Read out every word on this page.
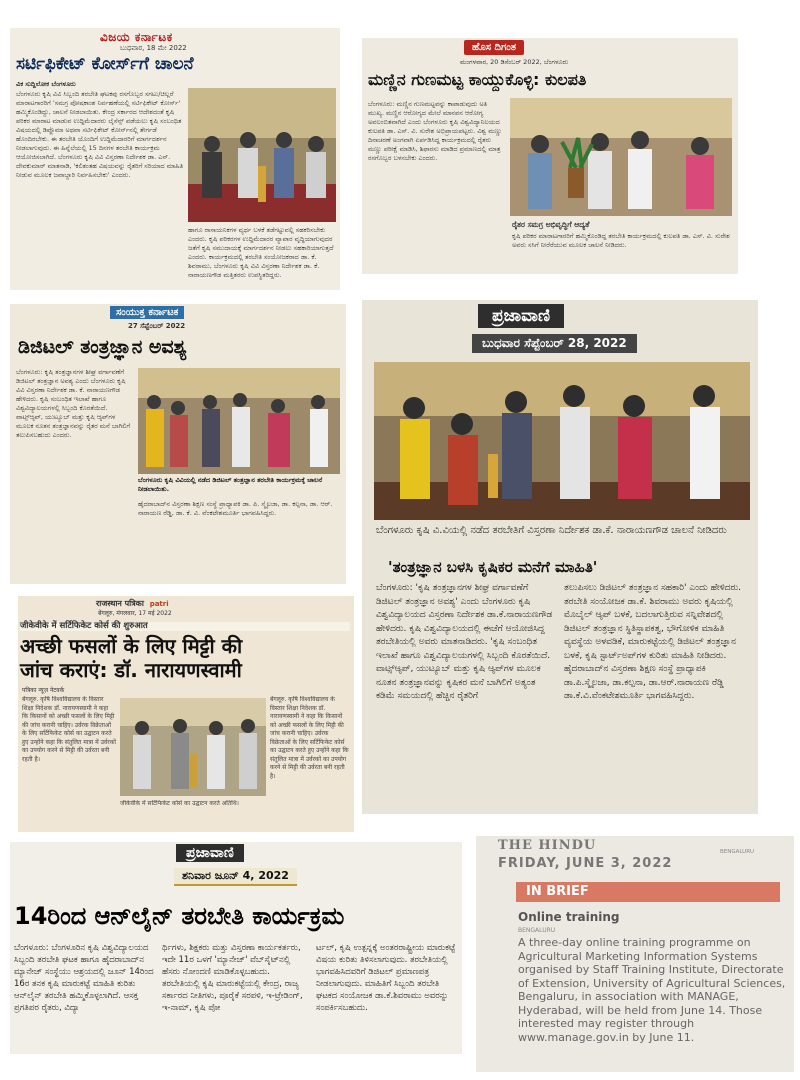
ವಿಜಯ ಕರ್ನಾಟಕ
ಬುಧವಾರ, 18 ಮೇ 2022
ಸರ್ಟಿಫಿಕೇಟ್ ಕೋರ್ಸ್‌ಗೆ ಚಾಲನೆ
ವಿಕ ಸುದ್ದಿಲೋಕ ಬೆಂಗಳೂರು
ಬೆಂಗಳೂರು ಕೃಷಿ ವಿವಿ ಸಿಬ್ಬಂದಿ ತರಬೇತಿ ಘಟಕವು ರಸಗೊಬ್ಬರ ಸಗಟು/ಚಿಲ್ಲರೆ ಮಾರಾಟಗಾರರಿಗೆ 'ಸಮಗ್ರ ಪೋಷಕಾಂಶ ನಿರ್ವಹಣೆಯಲ್ಲಿ ಸರ್ಟಿಫಿಕೇಟ್ ಕೋರ್ಸ್' ಹಮ್ಮಿಕೊಂಡಿದ್ದು, ಚಾಲನೆ ನೀಡಲಾಯಿತು. ಕೇಂದ್ರ ಸರ್ಕಾರದ ಆದೇಶದಂತೆ ಕೃಷಿ ಪರಿಕರ ಮಾರಾಟ ಮಾಡುವ ಉದ್ದಿಮೆದಾರರು ಲೈಸೆನ್ಸ್ ಪಡೆಯಲು ಕೃಷಿ ಸಂಬಂಧಿತ ವಿಷಯದಲ್ಲಿ ಡಿಪ್ಲೊಮಾ ಅಥವಾ ಸರ್ಟಿಫಿಕೇಟ್ ಕೋರ್ಸ್‌ನಲ್ಲಿ ತೇರ್ಗಡೆ ಹೊಂದಿರಬೇಕು. ಈ ತರಬೇತಿ ಯೊಂದಿಗೆ ಉದ್ದಿಮೆದಾರರಿಗೆ ಮಾರ್ಗದರ್ಶನ ನೀಡಲಾಗುವುದು. ಈ ಹಿನ್ನೆಲೆಯಲ್ಲಿ 15 ದಿನಗಳ ತರಬೇತಿ ಕಾರ್ಯಕ್ರಮ ಆಯೋಜಿಸಲಾಗಿದೆ. ಬೆಂಗಳೂರು ಕೃಷಿ ವಿವಿ ವಿಸ್ತರಣಾ ನಿರ್ದೇಶಕ ಡಾ. ಎನ್. ದೇವಕುಮಾರ್ ಮಾತನಾಡಿ, 'ಕಲಿತಂತಹ ವಿಷಯವನ್ನು ರೈತರಿಗೆ ಸರಿಯಾದ ಮಾಹಿತಿ ನೀಡುವ ಮೂಲಕ ಜವಾಬ್ದಾರಿ ನಿರ್ವಹಿಸಬೇಕು' ಎಂದರು.
ಹಾಗೂ ರಾಸಾಯನಿಕಗಳ ವ್ಯರ್ಥ ಬಳಕೆ ತಡೆಗಟ್ಟುವಲ್ಲಿ ಸಹಕರಿಸಬೇಕು ಎಂದರು. ಕೃಷಿ ಪರಿಕರಗಳ ಉದ್ದಿಮೆದಾರರ ವ್ಯಾಪಾರ ವೃದ್ಧಿಯಾಗುವುದರ ಜತೆಗೆ ಕೃಷಿ ಸಮುದಾಯಕ್ಕೆ ಮಾರ್ಗದರ್ಶನ ನೀಡಲು ಸಹಕಾರಿಯಾಗುತ್ತದೆ ಎಂದರು. ಕಾರ್ಯಕ್ರಮದಲ್ಲಿ ತರಬೇತಿ ಸಂಯೋಜಕರಾದ ಡಾ. ಕೆ. ಶಿವರಾಮು, ಬೆಂಗಳೂರು ಕೃಷಿ ವಿವಿ ವಿಸ್ತರಣಾ ನಿರ್ದೇಶಕ ಡಾ. ಕೆ. ನಾರಾಯಣಗೌಡ ಮತ್ತಿತರರು ಉಪಸ್ಥಿತರಿದ್ದರು.
ಹೊಸ ದಿಗಂತ
ಮಂಗಳವಾರ, 20 ಡಿಸೆಂಬರ್ 2022, ಬೆಂಗಳೂರು
ಮಣ್ಣಿನ ಗುಣಮಟ್ಟ ಕಾಯ್ದುಕೊಳ್ಳಿ: ಕುಲಪತಿ
ಬೆಂಗಳೂರು: ಮಣ್ಣಿನ ಗುಣಮಟ್ಟವನ್ನು ಕಾಪಾಡುವುದು ಅತಿ ಮುಖ್ಯ. ಮಣ್ಣಿನ ಆರೋಗ್ಯದ ಮೇಲೆ ಮಾನವನ ಆರೋಗ್ಯ ಅವಲಂಬಿತವಾಗಿದೆ ಎಂದು ಬೆಂಗಳೂರು ಕೃಷಿ ವಿಶ್ವವಿದ್ಯಾನಿಲಯದ ಕುಲಪತಿ ಡಾ. ಎಸ್. ವಿ. ಸುರೇಶ ಅಭಿಪ್ರಾಯಪಟ್ಟರು. ವಿಶ್ವ ಮಣ್ಣು ದಿನಾಚರಣೆ ಅಂಗವಾಗಿ ಏರ್ಪಡಿಸಿದ್ದ ಕಾರ್ಯಕ್ರಮದಲ್ಲಿ ರೈತರು ಮಣ್ಣು ಪರೀಕ್ಷೆ ಮಾಡಿಸಿ, ಶಿಫಾರಸು ಮಾಡಿದ ಪ್ರಮಾಣದಲ್ಲಿ ಮಾತ್ರ ರಸಗೊಬ್ಬರ ಬಳಸಬೇಕು ಎಂದರು.
ರೈತರ ಸಮಗ್ರ ಅಭಿವೃದ್ಧಿಗೆ ಆದ್ಯತೆ
ಕೃಷಿ ಪರಿಕರ ಮಾರಾಟಗಾರರಿಗೆ ಹಮ್ಮಿಕೊಂಡಿದ್ದ ತರಬೇತಿ ಕಾರ್ಯಕ್ರಮದಲ್ಲಿ ಕುಲಪತಿ ಡಾ. ಎಸ್. ವಿ. ಸುರೇಶ ಅವರು ಸಸಿಗೆ ನೀರೆರೆಯುವ ಮೂಲಕ ಚಾಲನೆ ನೀಡಿದರು.
ಸಂಯುಕ್ತ ಕರ್ನಾಟಕ
27 ಸೆಪ್ಟೆಂಬರ್ 2022
ಡಿಜಿಟಲ್ ತಂತ್ರಜ್ಞಾನ ಅವಶ್ಯ
ಬೆಂಗಳೂರು: ಕೃಷಿ ತಂತ್ರಜ್ಞಾನಗಳ ಶೀಘ್ರ ವರ್ಗಾವಣೆಗೆ ಡಿಜಿಟಲ್ ತಂತ್ರಜ್ಞಾನ ಅವಶ್ಯ ಎಂದು ಬೆಂಗಳೂರು ಕೃಷಿ ವಿವಿ ವಿಸ್ತರಣಾ ನಿರ್ದೇಶಕ ಡಾ. ಕೆ. ನಾರಾಯಣಗೌಡ ಹೇಳಿದರು. ಕೃಷಿ ಸಂಬಂಧಿತ ಇಲಾಖೆ ಹಾಗೂ ವಿಶ್ವವಿದ್ಯಾಲಯಗಳಲ್ಲಿ ಸಿಬ್ಬಂದಿ ಕೊರತೆಯಿದೆ. ವಾಟ್ಸ್‌ಆ್ಯಪ್, ಯುಟ್ಯೂಬ್ ಮತ್ತು ಕೃಷಿ ಆ್ಯಪ್‌ಗಳ ಮೂಲಕ ನೂತನ ತಂತ್ರಜ್ಞಾನವನ್ನು ರೈತರ ಮನೆ ಬಾಗಿಲಿಗೆ ತಲುಪಿಸಬಹುದು ಎಂದರು.
ಬೆಂಗಳೂರು ಕೃಷಿ ವಿವಿಯಲ್ಲಿ ನಡೆದ ಡಿಜಿಟಲ್ ತಂತ್ರಜ್ಞಾನ ತರಬೇತಿ ಕಾರ್ಯಕ್ರಮಕ್ಕೆ ಚಾಲನೆ ನೀಡಲಾಯಿತು.
ಹೈದರಾಬಾದ್‌ನ ವಿಸ್ತರಣಾ ಶಿಕ್ಷಣ ಸಂಸ್ಥೆ ಪ್ರಾಧ್ಯಾಪಕಿ ಡಾ. ಪಿ. ಸ್ಮೈಲಜಾ, ಡಾ. ಕಲ್ಪನಾ, ಡಾ. ಆರ್. ನಾರಾಯಣ ರೆಡ್ಡಿ, ಡಾ. ಕೆ. ವಿ. ವೆಂಕಟೇಶಮೂರ್ತಿ ಭಾಗವಹಿಸಿದ್ದರು.
ಪ್ರಜಾವಾಣಿ
ಬುಧವಾರ ಸೆಪ್ಟೆಂಬರ್ 28, 2022
ಬೆಂಗಳೂರು ಕೃಷಿ ವಿ.ವಿಯಲ್ಲಿ ನಡೆದ ತರಬೇತಿಗೆ ವಿಸ್ತರಣಾ ನಿರ್ದೇಶಕ ಡಾ.ಕೆ. ನಾರಾಯಣಗೌಡ ಚಾಲನೆ ನೀಡಿದರು
'ತಂತ್ರಜ್ಞಾನ ಬಳಸಿ ಕೃಷಿಕರ ಮನೆಗೆ ಮಾಹಿತಿ'
ಬೆಂಗಳೂರು: 'ಕೃಷಿ ತಂತ್ರಜ್ಞಾನಗಳ ಶೀಘ್ರ ವರ್ಗಾವಣೆಗೆ ಡಿಜಿಟಲ್ ತಂತ್ರಜ್ಞಾನ ಅವಶ್ಯ' ಎಂದು ಬೆಂಗಳೂರು ಕೃಷಿ ವಿಶ್ವವಿದ್ಯಾಲಯದ ವಿಸ್ತರಣಾ ನಿರ್ದೇಶಕ ಡಾ.ಕೆ.ನಾರಾಯಣಗೌಡ ಹೇಳಿದರು. ಕೃಷಿ ವಿಶ್ವವಿದ್ಯಾಲಯದಲ್ಲಿ ಈಚೆಗೆ ಆಯೋಜಿಸಿದ್ದ ತರಬೇತಿಯಲ್ಲಿ ಅವರು ಮಾತನಾಡಿದರು. 'ಕೃಷಿ ಸಂಬಂಧಿತ ಇಲಾಖೆ ಹಾಗೂ ವಿಶ್ವವಿದ್ಯಾಲಯಗಳಲ್ಲಿ ಸಿಬ್ಬಂದಿ ಕೊರತೆಯಿದೆ. ವಾಟ್ಸ್‌ಆ್ಯಪ್, ಯುಟ್ಯೂಬ್ ಮತ್ತು ಕೃಷಿ ಆ್ಯಪ್‌ಗಳ ಮೂಲಕ ನೂತನ ತಂತ್ರಜ್ಞಾನವನ್ನು ಕೃಷಿಕರ ಮನೆ ಬಾಗಿಲಿಗೆ ಅತ್ಯಂತ ಕಡಿಮೆ ಸಮಯದಲ್ಲಿ ಹೆಚ್ಚಿನ ರೈತರಿಗೆ
ತಲುಪಿಸಲು ಡಿಜಿಟಲ್ ತಂತ್ರಜ್ಞಾನ ಸಹಕಾರಿ' ಎಂದು ಹೇಳಿದರು. ತರಬೇತಿ ಸಂಯೋಜಕ ಡಾ.ಕೆ. ಶಿವರಾಮು ಅವರು ಕೃಷಿಯಲ್ಲಿ ಮೊಬೈಲ್ ಆ್ಯಪ್ ಬಳಕೆ, ಬದಲಾಗುತ್ತಿರುವ ಸನ್ನಿವೇಶದಲ್ಲಿ ಡಿಜಿಟಲ್ ತಂತ್ರಜ್ಞಾನ ಸ್ಥಿತಿಸ್ಥಾಪಕತ್ವ, ಭೌಗೋಳಿಕ ಮಾಹಿತಿ ವ್ಯವಸ್ಥೆಯ ಅಳವಡಿಕೆ, ಮಾರುಕಟ್ಟೆಯಲ್ಲಿ ಡಿಜಿಟಲ್ ತಂತ್ರಜ್ಞಾನ ಬಳಕೆ, ಕೃಷಿ ಸ್ಟಾರ್ಟ್‌ಅಪ್‌ಗಳ ಕುರಿತು ಮಾಹಿತಿ ನೀಡಿದರು. ಹೈದರಾಬಾದ್‌ನ ವಿಸ್ತರಣಾ ಶಿಕ್ಷಣ ಸಂಸ್ಥೆ ಪ್ರಾಧ್ಯಾಪಕಿ ಡಾ.ಪಿ.ಸ್ಮೈಲಜಾ, ಡಾ.ಕಲ್ಪನಾ, ಡಾ.ಆರ್.ನಾರಾಯಣ ರೆಡ್ಡಿ ಡಾ.ಕೆ.ವಿ.ವೆಂಕಟೇಶಮೂರ್ತಿ ಭಾಗವಹಿಸಿದ್ದರು.
राजस्थान पत्रिका patri
बेंगलूरु, मंगलवार, 17 मई 2022
जीकेवीके में सर्टिफिकेट कोर्स की शुरुआत
अच्छी फसलों के लिए मिट्टी की
जांच कराएं: डॉ. नारायणस्वामी
पत्रिका न्यूज़ नेटवर्क
बेंगलूरु. कृषि विश्वविद्यालय के विस्तार शिक्षा निदेशक डॉ. नारायणस्वामी ने कहा कि किसानों को अच्छी फसलों के लिए मिट्टी की जांच करानी चाहिए। उर्वरक विक्रेताओं के लिए सर्टिफिकेट कोर्स का उद्घाटन करते हुए उन्होंने कहा कि संतुलित मात्रा में उर्वरकों का उपयोग करने से मिट्टी की उर्वरता बनी रहती है।
जीकेवीके में सर्टिफिकेट कोर्स का उद्घाटन करते अतिथि।
बेंगलूरु. कृषि विश्वविद्यालय के विस्तार शिक्षा निदेशक डॉ. नारायणस्वामी ने कहा कि किसानों को अच्छी फसलों के लिए मिट्टी की जांच करानी चाहिए। उर्वरक विक्रेताओं के लिए सर्टिफिकेट कोर्स का उद्घाटन करते हुए उन्होंने कहा कि संतुलित मात्रा में उर्वरकों का उपयोग करने से मिट्टी की उर्वरता बनी रहती है।
ಪ್ರಜಾವಾಣಿ
ಶನಿವಾರ ಜೂನ್ 4, 2022
14ರಿಂದ ಆನ್‌ಲೈನ್ ತರಬೇತಿ ಕಾರ್ಯಕ್ರಮ
ಬೆಂಗಳೂರು: ಬೆಂಗಳೂರಿನ ಕೃಷಿ ವಿಶ್ವವಿದ್ಯಾಲಯದ ಸಿಬ್ಬಂದಿ ತರಬೇತಿ ಘಟಕ ಹಾಗೂ ಹೈದರಾಬಾದ್‌ನ ಮ್ಯಾನೇಜ್ ಸಂಸ್ಥೆಯು ಆಶ್ರಯದಲ್ಲಿ ಜೂನ್ 14ರಿಂದ 16ರ ತನಕ ಕೃಷಿ ಮಾರುಕಟ್ಟೆ ಮಾಹಿತಿ ಕುರಿತು ಆನ್‌ಲೈನ್ ತರಬೇತಿ ಹಮ್ಮಿಕೊಳ್ಳಲಾಗಿದೆ. ಆಸಕ್ತ ಪ್ರಗತಿಪರ ರೈತರು, ವಿದ್ಯಾ
ರ್ಥಿಗಳು, ಶಿಕ್ಷಕರು ಮತ್ತು ವಿಸ್ತರಣಾ ಕಾರ್ಯಕರ್ತರು, ಇದೇ 11ರ ಒಳಗೆ 'ಮ್ಯಾನೇಜ್' ವೆಬ್‌ಸೈಟ್‌ನಲ್ಲಿ ಹೆಸರು ನೋಂದಣಿ ಮಾಡಿಕೊಳ್ಳಬಹುದು. ತರಬೇತಿಯಲ್ಲಿ ಕೃಷಿ ಮಾರುಕಟ್ಟೆಯಲ್ಲಿ ಕೇಂದ್ರ, ರಾಜ್ಯ ಸರ್ಕಾರದ ನೀತಿಗಳು, ಪೂರೈಕೆ ಸರಪಳಿ, ಇ-ಟ್ರೇಡಿಂಗ್, ಇ-ನಾಮ್, ಕೃಷಿ ಪೋ
ರ್ಟಲ್, ಕೃಷಿ ಉತ್ಪನ್ನಕ್ಕೆ ಅಂತರರಾಷ್ಟ್ರೀಯ ಮಾರುಕಟ್ಟೆ ವಿಷಯ ಕುರಿತು ತಿಳಿಸಲಾಗುವುದು. ತರಬೇತಿಯಲ್ಲಿ ಭಾಗವಹಿಸಿದವರಿಗೆ ಡಿಜಿಟಲ್ ಪ್ರಮಾಣಪತ್ರ ನೀಡಲಾಗುವುದು. ಮಾಹಿತಿಗೆ ಸಿಬ್ಬಂದಿ ತರಬೇತಿ ಘಟಕದ ಸಂಯೋಜಕ ಡಾ.ಕೆ.ಶಿವರಾಮು ಅವರನ್ನು ಸಂಪರ್ಕಿಸಬಹುದು.
THE HINDU	BENGALURU
FRIDAY, JUNE 3, 2022
IN BRIEF
Online training
BENGALURU
A three-day online training programme on Agricultural Marketing Information Systems organised by Staff Training Institute, Directorate of Extension, University of Agricultural Sciences, Bengaluru, in association with MANAGE, Hyderabad, will be held from June 14. Those interested may register through www.manage.gov.in by June 11.
